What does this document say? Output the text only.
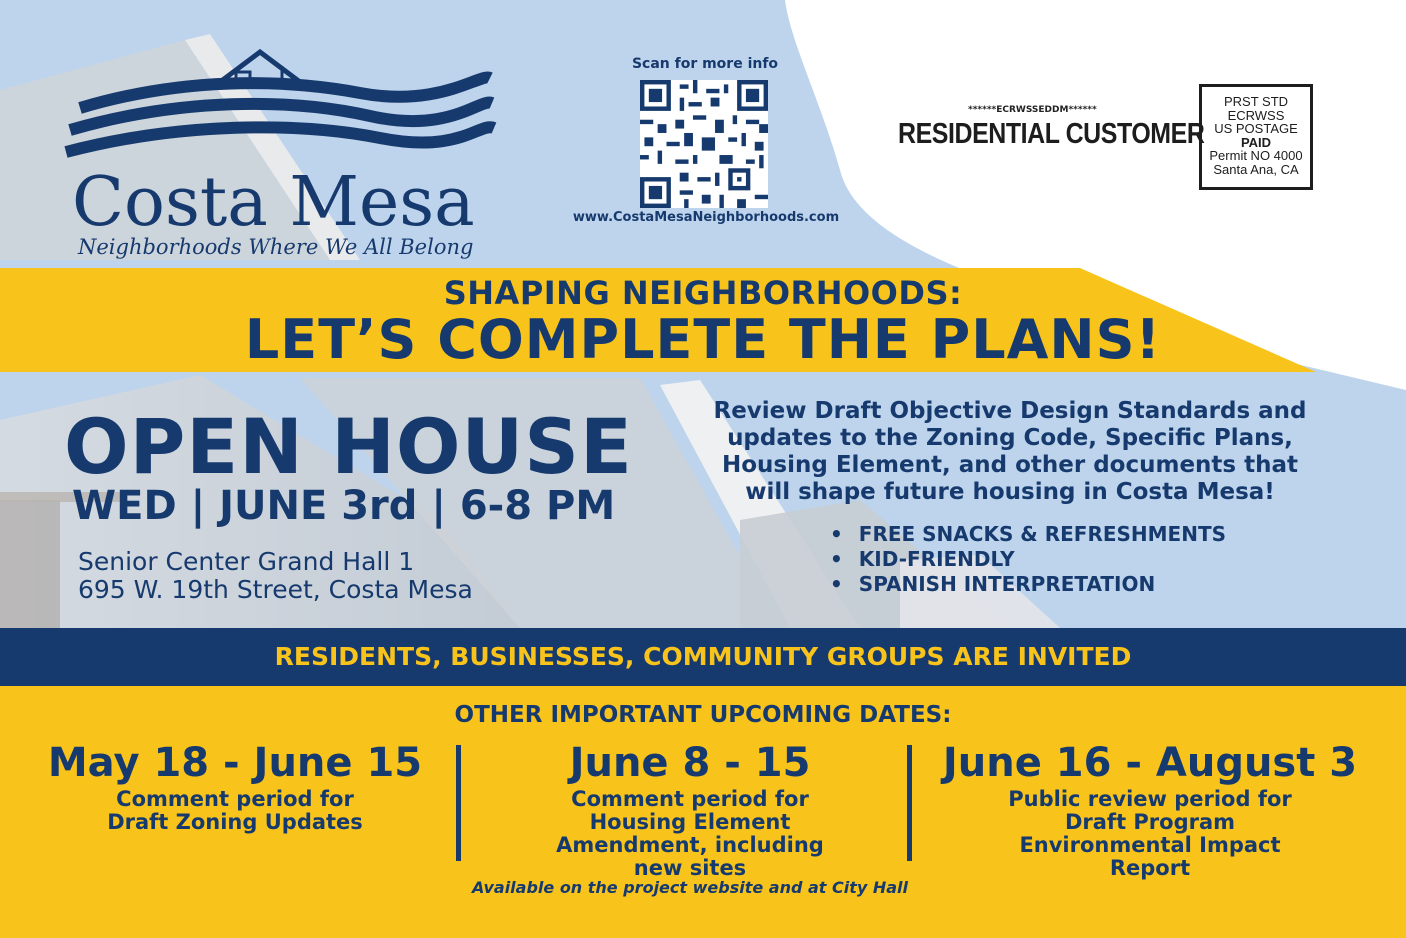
Costa Mesa
Neighborhoods Where We All Belong
Scan for more info
www.CostaMesaNeighborhoods.com
******ECRWSSEDDM******
RESIDENTIAL CUSTOMER
PRST STD
ECRWSS
US POSTAGE
PAID
Permit NO 4000
Santa Ana, CA
SHAPING NEIGHBORHOODS:
LET’S COMPLETE THE PLANS!
OPEN HOUSE
WED | JUNE 3rd | 6-8 PM
Senior Center Grand Hall 1
695 W. 19th Street, Costa Mesa
Review Draft Objective Design Standards and updates to the Zoning Code, Specific Plans, Housing Element, and other documents that will shape future housing in Costa Mesa!
• FREE SNACKS & REFRESHMENTS
• KID-FRIENDLY
• SPANISH INTERPRETATION
RESIDENTS, BUSINESSES, COMMUNITY GROUPS ARE INVITED
OTHER IMPORTANT UPCOMING DATES:
May 18 - June 15
Comment period for Draft Zoning Updates
June 8 - 15
Comment period for Housing Element Amendment, including new sites
June 16 - August 3
Public review period for Draft Program Environmental Impact Report
Available on the project website and at City Hall
